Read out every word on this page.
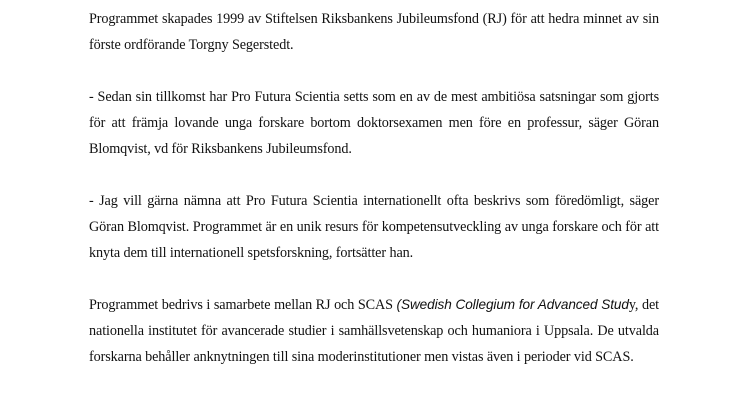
Programmet skapades 1999 av Stiftelsen Riksbankens Jubileumsfond (RJ) för att hedra minnet av sin förste ordförande Torgny Segerstedt.

- Sedan sin tillkomst har Pro Futura Scientia setts som en av de mest ambitiösa satsningar som gjorts för att främja lovande unga forskare bortom doktorsexamen men före en professur, säger Göran Blomqvist, vd för Riksbankens Jubileumsfond.

- Jag vill gärna nämna att Pro Futura Scientia internationellt ofta beskrivs som föredömligt, säger Göran Blomqvist. Programmet är en unik resurs för kompetensutveckling av unga forskare och för att knyta dem till internationell spetsforskning, fortsätter han.

Programmet bedrivs i samarbete mellan RJ och SCAS (Swedish Collegium for Advanced Study, det nationella institutet för avancerade studier i samhällsvetenskap och humaniora i Uppsala. De utvalda forskarna behåller anknytningen till sina moderinstitutioner men vistas även i perioder vid SCAS.
